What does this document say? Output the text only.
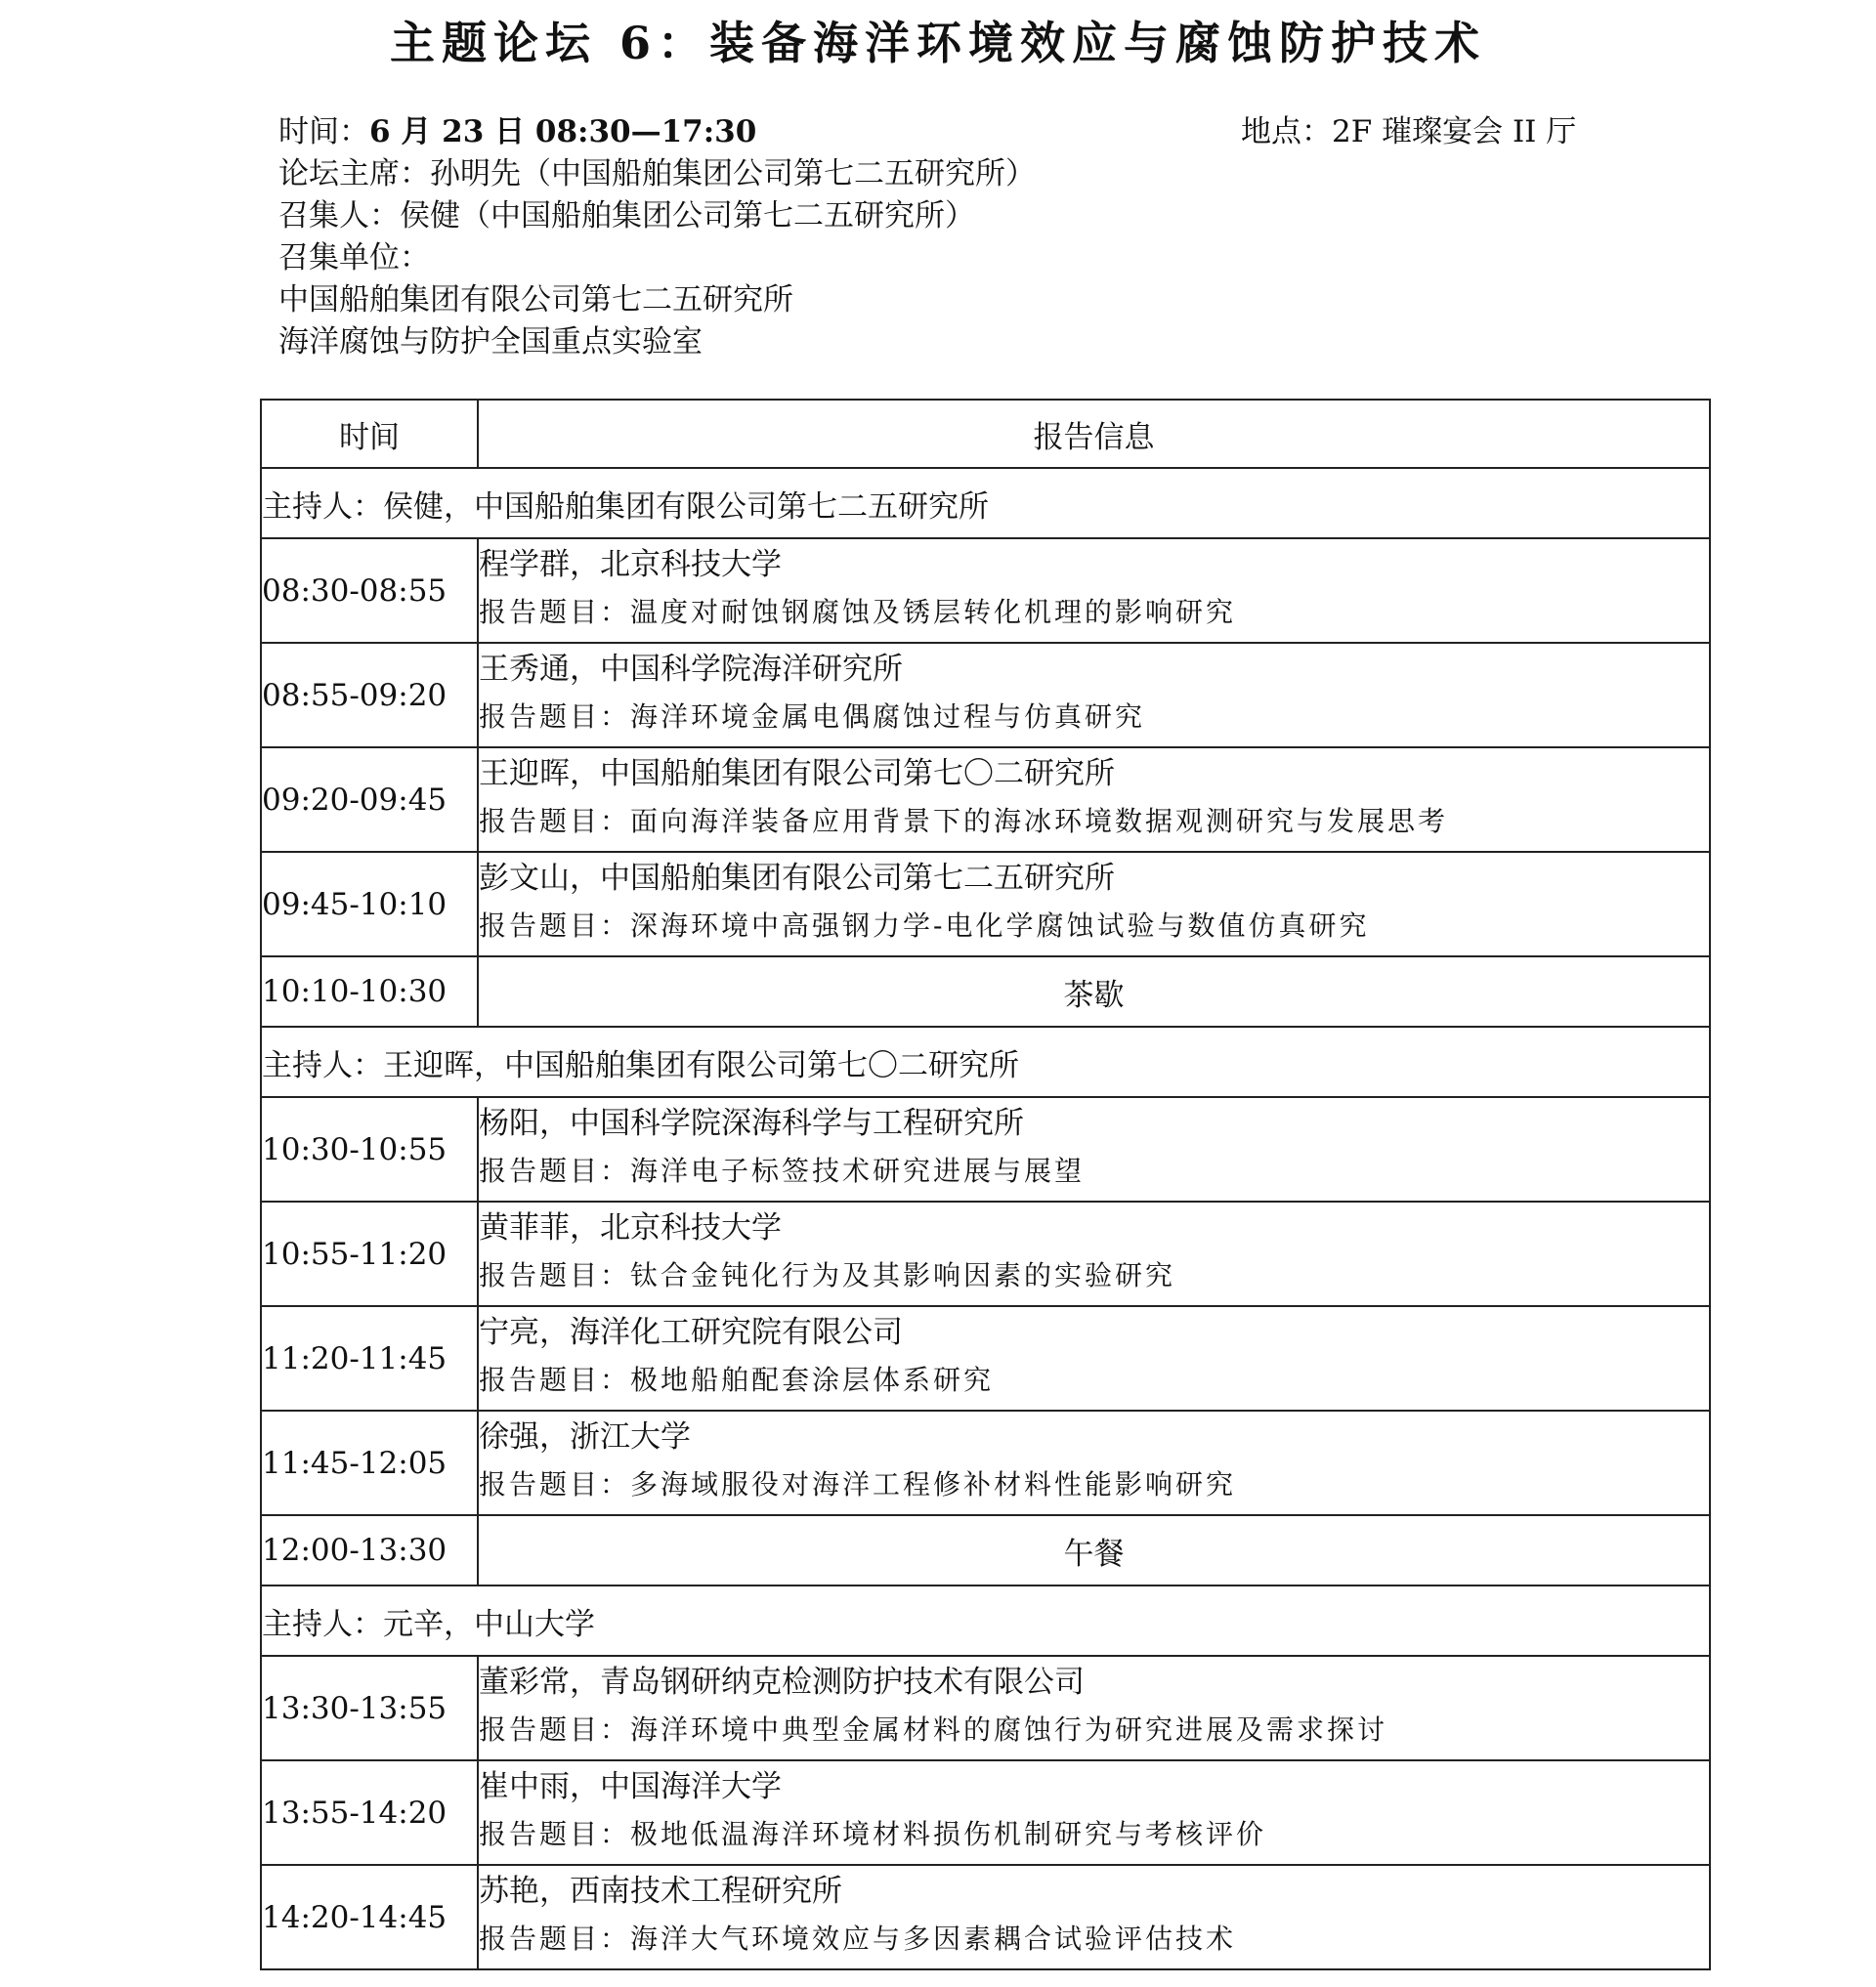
主题论坛 6：装备海洋环境效应与腐蚀防护技术
时间：6 月 23 日 08:30—17:30	地点：2F 璀璨宴会 II 厅
论坛主席：孙明先（中国船舶集团公司第七二五研究所）
召集人：侯健（中国船舶集团公司第七二五研究所）
召集单位：
中国船舶集团有限公司第七二五研究所
海洋腐蚀与防护全国重点实验室
时间	报告信息
主持人：侯健，中国船舶集团有限公司第七二五研究所	
08:30-08:55	程学群，北京科技大学
报告题目：温度对耐蚀钢腐蚀及锈层转化机理的影响研究

08:55-09:20	王秀通，中国科学院海洋研究所
报告题目：海洋环境金属电偶腐蚀过程与仿真研究

09:20-09:45	王迎晖，中国船舶集团有限公司第七〇二研究所
报告题目：面向海洋装备应用背景下的海冰环境数据观测研究与发展思考

09:45-10:10	彭文山，中国船舶集团有限公司第七二五研究所
报告题目：深海环境中高强钢力学-电化学腐蚀试验与数值仿真研究

10:10-10:30	茶歇
主持人：王迎晖，中国船舶集团有限公司第七〇二研究所	
10:30-10:55	杨阳，中国科学院深海科学与工程研究所
报告题目：海洋电子标签技术研究进展与展望

10:55-11:20	黄菲菲，北京科技大学
报告题目：钛合金钝化行为及其影响因素的实验研究

11:20-11:45	宁亮，海洋化工研究院有限公司
报告题目：极地船舶配套涂层体系研究

11:45-12:05	徐强，浙江大学
报告题目：多海域服役对海洋工程修补材料性能影响研究

12:00-13:30	午餐
主持人：元辛，中山大学	
13:30-13:55	董彩常，青岛钢研纳克检测防护技术有限公司
报告题目：海洋环境中典型金属材料的腐蚀行为研究进展及需求探讨

13:55-14:20	崔中雨，中国海洋大学
报告题目：极地低温海洋环境材料损伤机制研究与考核评价

14:20-14:45	苏艳，西南技术工程研究所
报告题目：海洋大气环境效应与多因素耦合试验评估技术
